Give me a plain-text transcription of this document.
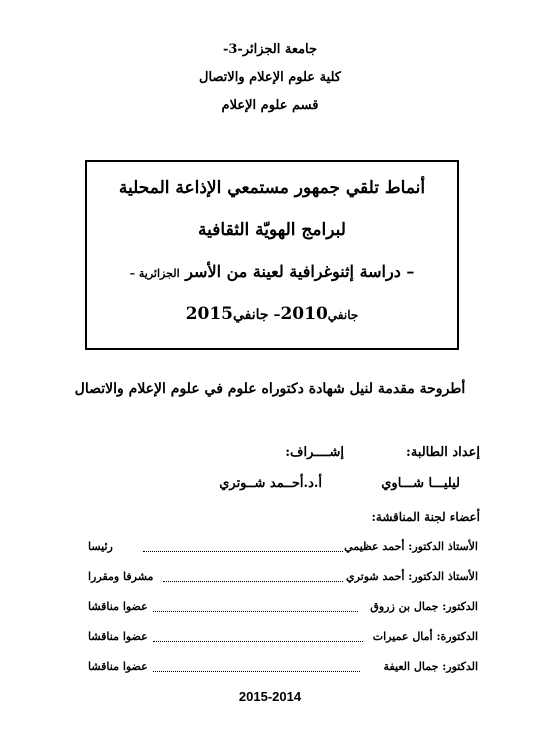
جامعة الجزائر-3-
كلية علوم الإعلام والاتصال
قسم علوم الإعلام
أنماط تلقي جمهور مستمعي الإذاعة المحلية
لبرامج الهويّة الثقافية
– دراسة إثنوغرافية لعينة من الأسر الجزائرية –
جانفي2010– جانفي2015
أطروحة مقدمة لنيل شهادة دكتوراه علوم في علوم الإعلام والاتصال
إعداد الطالبة:
إشــــراف:
ليليـــا شـــاوي
أ.د.أحــمد شــوتري
أعضاء لجنة المناقشة:
الأستاذ الدكتور: أحمد عظيمي
رئيسا
الأستاذ الدكتور: أحمد شوتري
مشرفا ومقررا
الدكتور: جمال بن زروق
عضوا مناقشا
الدكتورة: أمال عميرات
عضوا مناقشا
الدكتور: جمال العيفة
عضوا مناقشا
2015-2014
